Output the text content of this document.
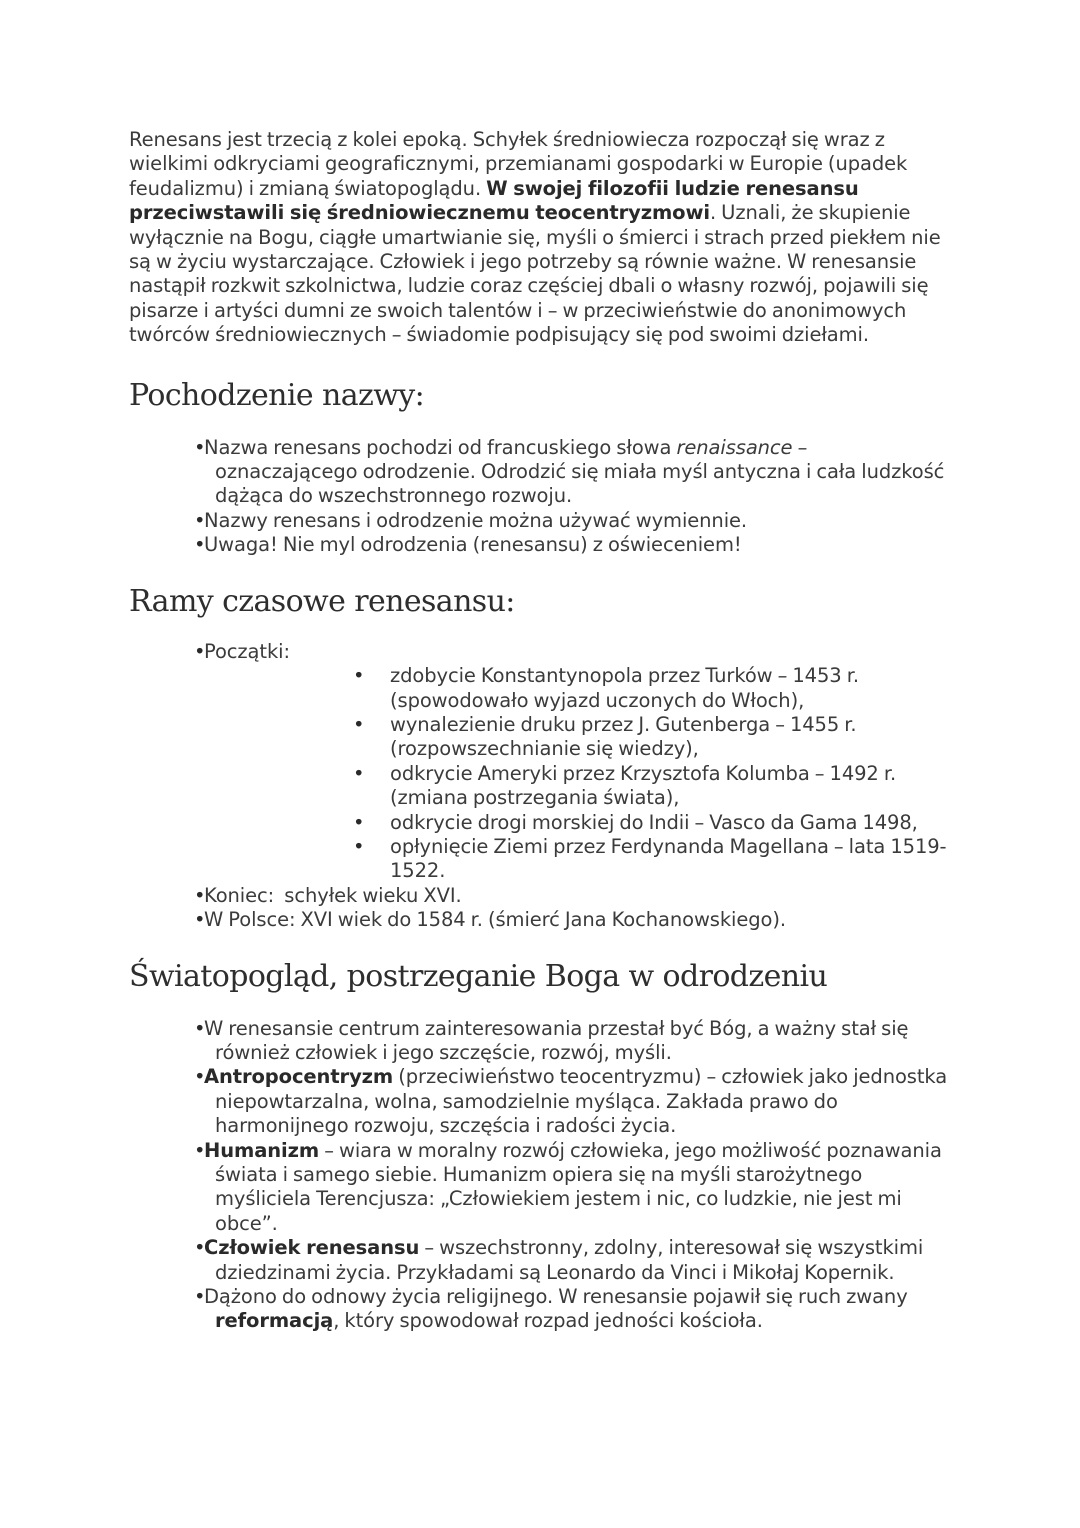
Renesans jest trzecią z kolei epoką. Schyłek średniowiecza rozpoczął się wraz z wielkimi odkryciami geograficznymi, przemianami gospodarki w Europie (upadek feudalizmu) i zmianą światopoglądu. W swojej filozofii ludzie renesansu przeciwstawili się średniowiecznemu teocentryzmowi. Uznali, że skupienie wyłącznie na Bogu, ciągłe umartwianie się, myśli o śmierci i strach przed piekłem nie są w życiu wystarczające. Człowiek i jego potrzeby są równie ważne. W renesansie nastąpił rozkwit szkolnictwa, ludzie coraz częściej dbali o własny rozwój, pojawili się pisarze i artyści dumni ze swoich talentów i – w przeciwieństwie do anonimowych twórców średniowiecznych – świadomie podpisujący się pod swoimi dziełami.

Pochodzenie nazwy:
•Nazwa renesans pochodzi od francuskiego słowa renaissance – oznaczającego odrodzenie. Odrodzić się miała myśl antyczna i cała ludzkość dążąca do wszechstronnego rozwoju.
•Nazwy renesans i odrodzenie można używać wymiennie.
•Uwaga! Nie myl odrodzenia (renesansu) z oświeceniem!
Ramy czasowe renesansu:
•Początki:
• zdobycie Konstantynopola przez Turków – 1453 r. (spowodowało wyjazd uczonych do Włoch),
• wynalezienie druku przez J. Gutenberga – 1455 r. (rozpowszechnianie się wiedzy),
• odkrycie Ameryki przez Krzysztofa Kolumba – 1492 r. (zmiana postrzegania świata),
• odkrycie drogi morskiej do Indii – Vasco da Gama 1498,
• opłynięcie Ziemi przez Ferdynanda Magellana – lata 1519-1522.
•Koniec:  schyłek wieku XVI.
•W Polsce: XVI wiek do 1584 r. (śmierć Jana Kochanowskiego).
Światopogląd, postrzeganie Boga w odrodzeniu
•W renesansie centrum zainteresowania przestał być Bóg, a ważny stał się również człowiek i jego szczęście, rozwój, myśli.
•Antropocentryzm (przeciwieństwo teocentryzmu) – człowiek jako jednostka niepowtarzalna, wolna, samodzielnie myśląca. Zakłada prawo do harmonijnego rozwoju, szczęścia i radości życia.
•Humanizm – wiara w moralny rozwój człowieka, jego możliwość poznawania świata i samego siebie. Humanizm opiera się na myśli starożytnego myśliciela Terencjusza: „Człowiekiem jestem i nic, co ludzkie, nie jest mi obce”.
•Człowiek renesansu – wszechstronny, zdolny, interesował się wszystkimi dziedzinami życia. Przykładami są Leonardo da Vinci i Mikołaj Kopernik.
•Dążono do odnowy życia religijnego. W renesansie pojawił się ruch zwany reformacją, który spowodował rozpad jedności kościoła.
